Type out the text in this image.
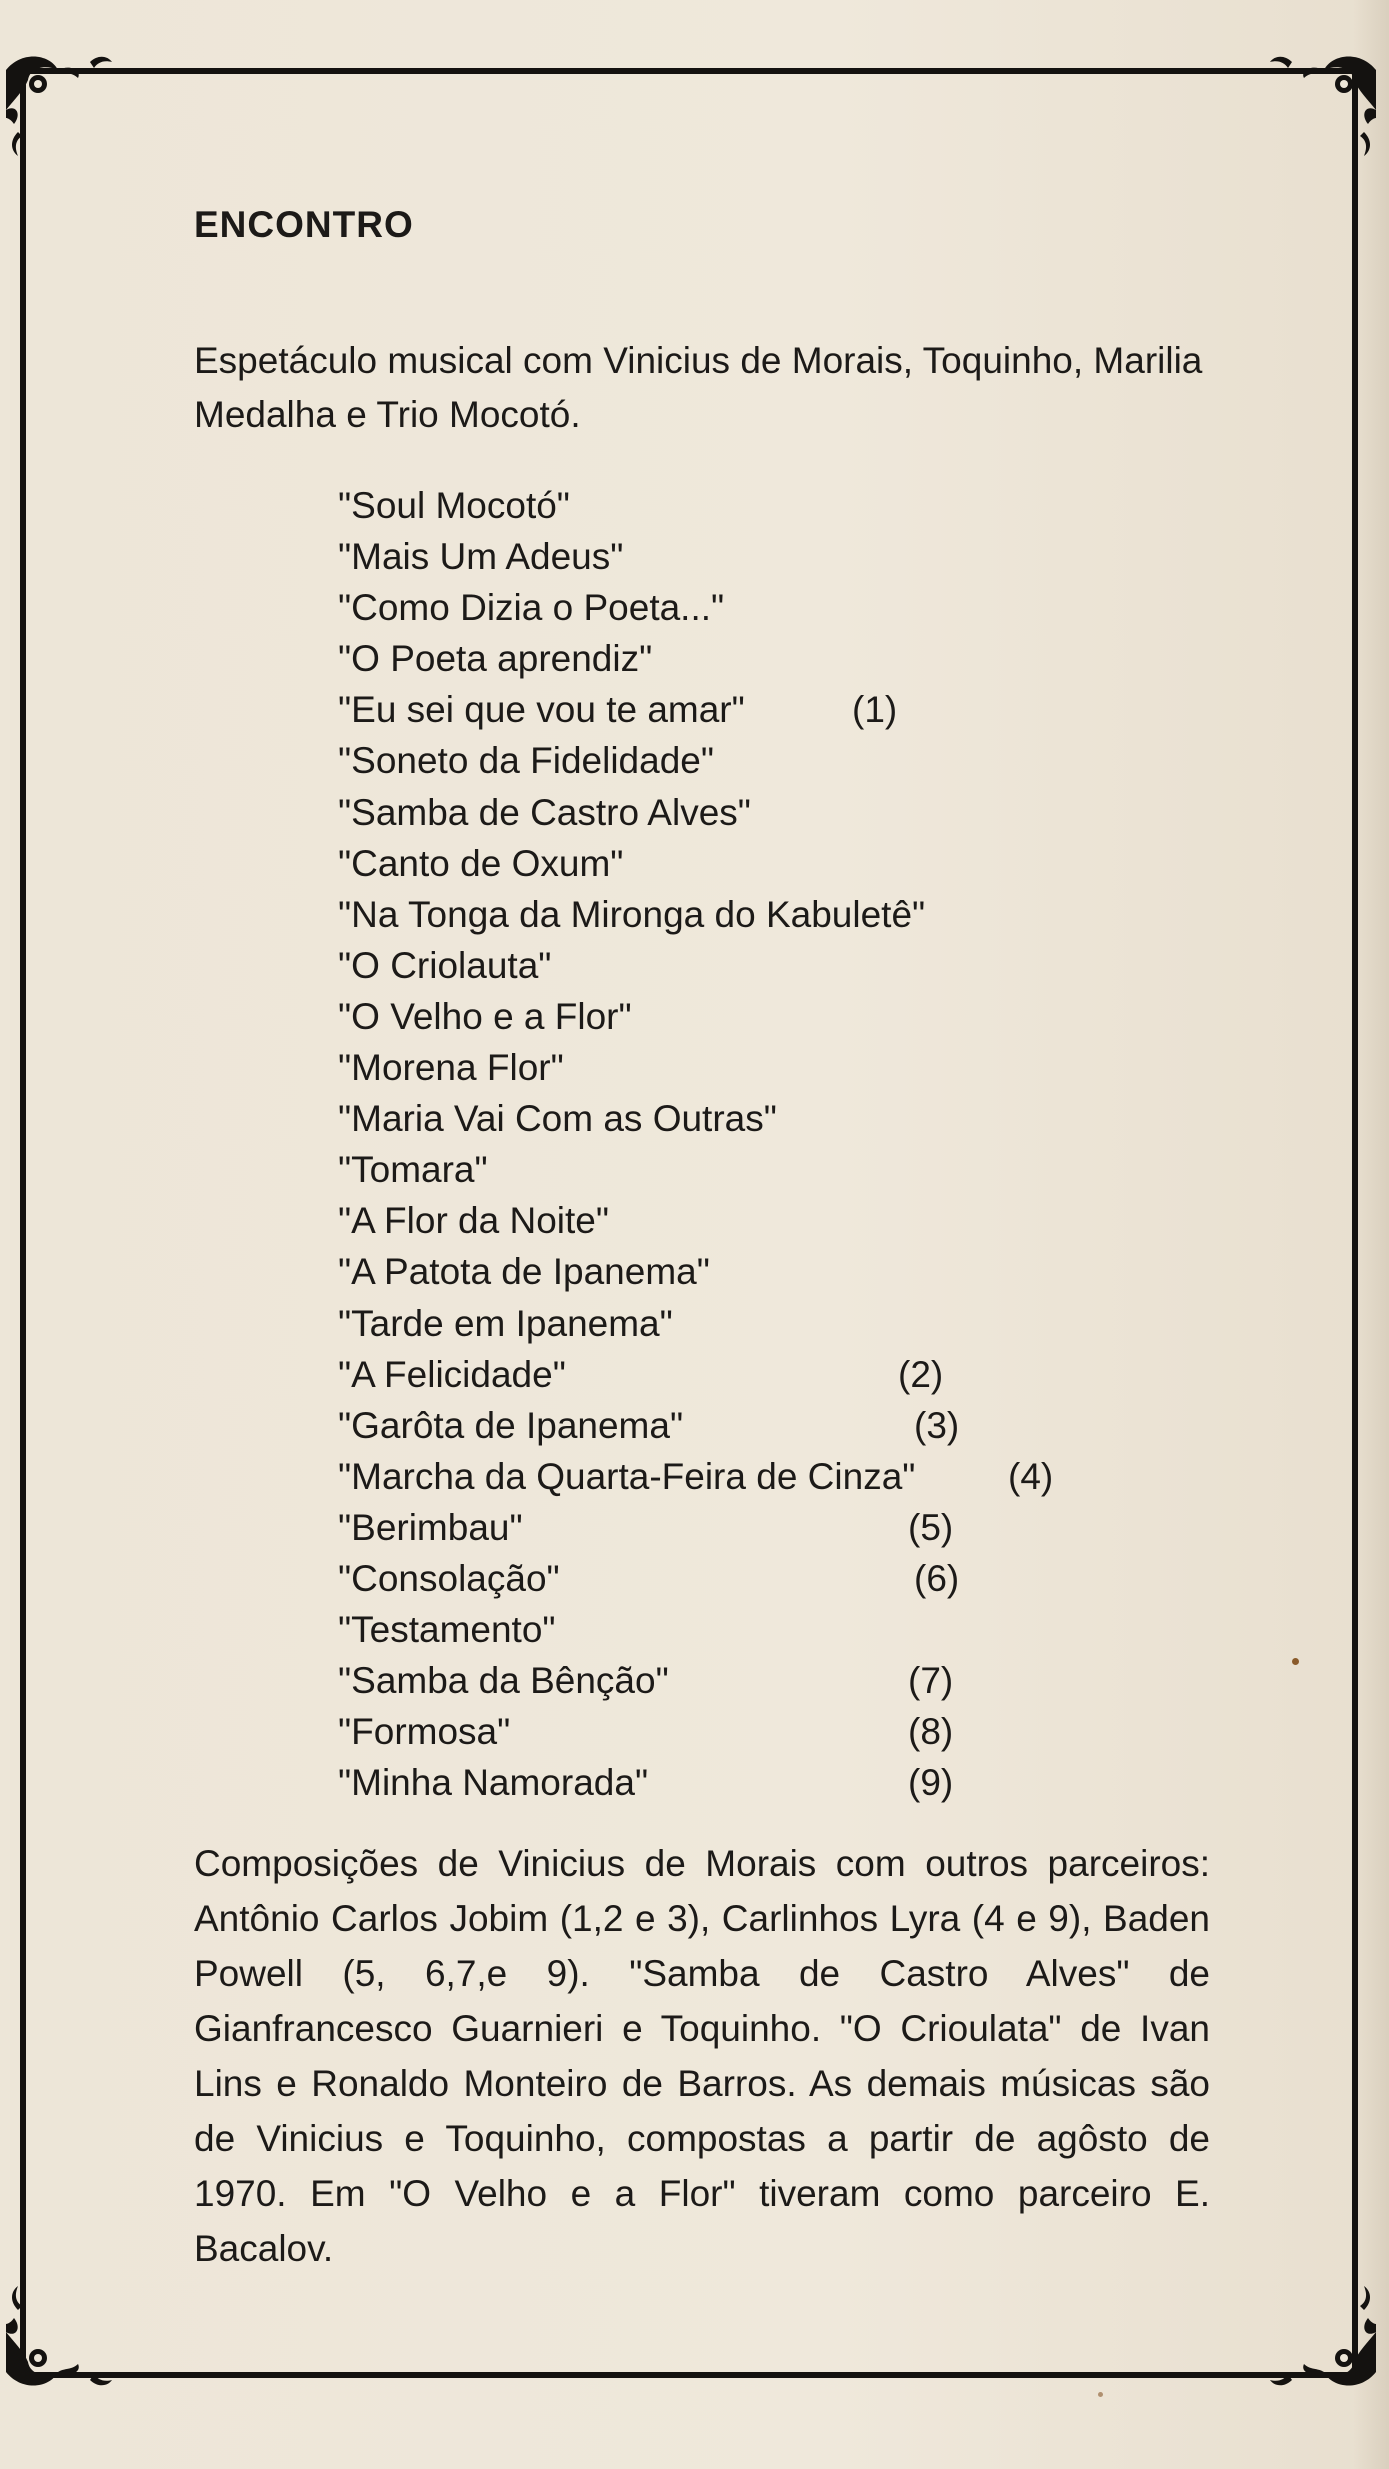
ENCONTRO
Espetáculo musical com Vinicius de Morais, Toquinho, Marilia Medalha e Trio Mocotó.
"Soul Mocotó"
"Mais Um Adeus"
"Como Dizia o Poeta..."
"O Poeta aprendiz"
"Eu sei que vou te amar"	(1)
"Soneto da Fidelidade"
"Samba de Castro Alves"
"Canto de Oxum"
"Na Tonga da Mironga do Kabuletê"
"O Criolauta"
"O Velho e a Flor"
"Morena Flor"
"Maria Vai Com as Outras"
"Tomara"
"A Flor da Noite"
"A Patota de Ipanema"
"Tarde em Ipanema"
"A Felicidade"	(2)
"Garôta de Ipanema"	(3)
"Marcha da Quarta-Feira de Cinza"	(4)
"Berimbau"	(5)
"Consolação"	(6)
"Testamento"
"Samba da Bênção"	(7)
"Formosa"	(8)
"Minha Namorada"	(9)

Composições de Vinicius de Morais com outros parceiros: Antônio Carlos Jobim (1,2 e 3), Carlinhos Lyra (4 e 9), Baden Powell (5, 6,7,e 9). "Samba de Castro Alves" de Gianfrancesco Guarnieri e Toquinho. "O Crioulata" de Ivan Lins e Ronaldo Monteiro de Barros. As demais músicas são de Vinicius e Toquinho, compostas a partir de agôsto de 1970. Em "O Velho e a Flor" tiveram como parceiro E. Bacalov.
